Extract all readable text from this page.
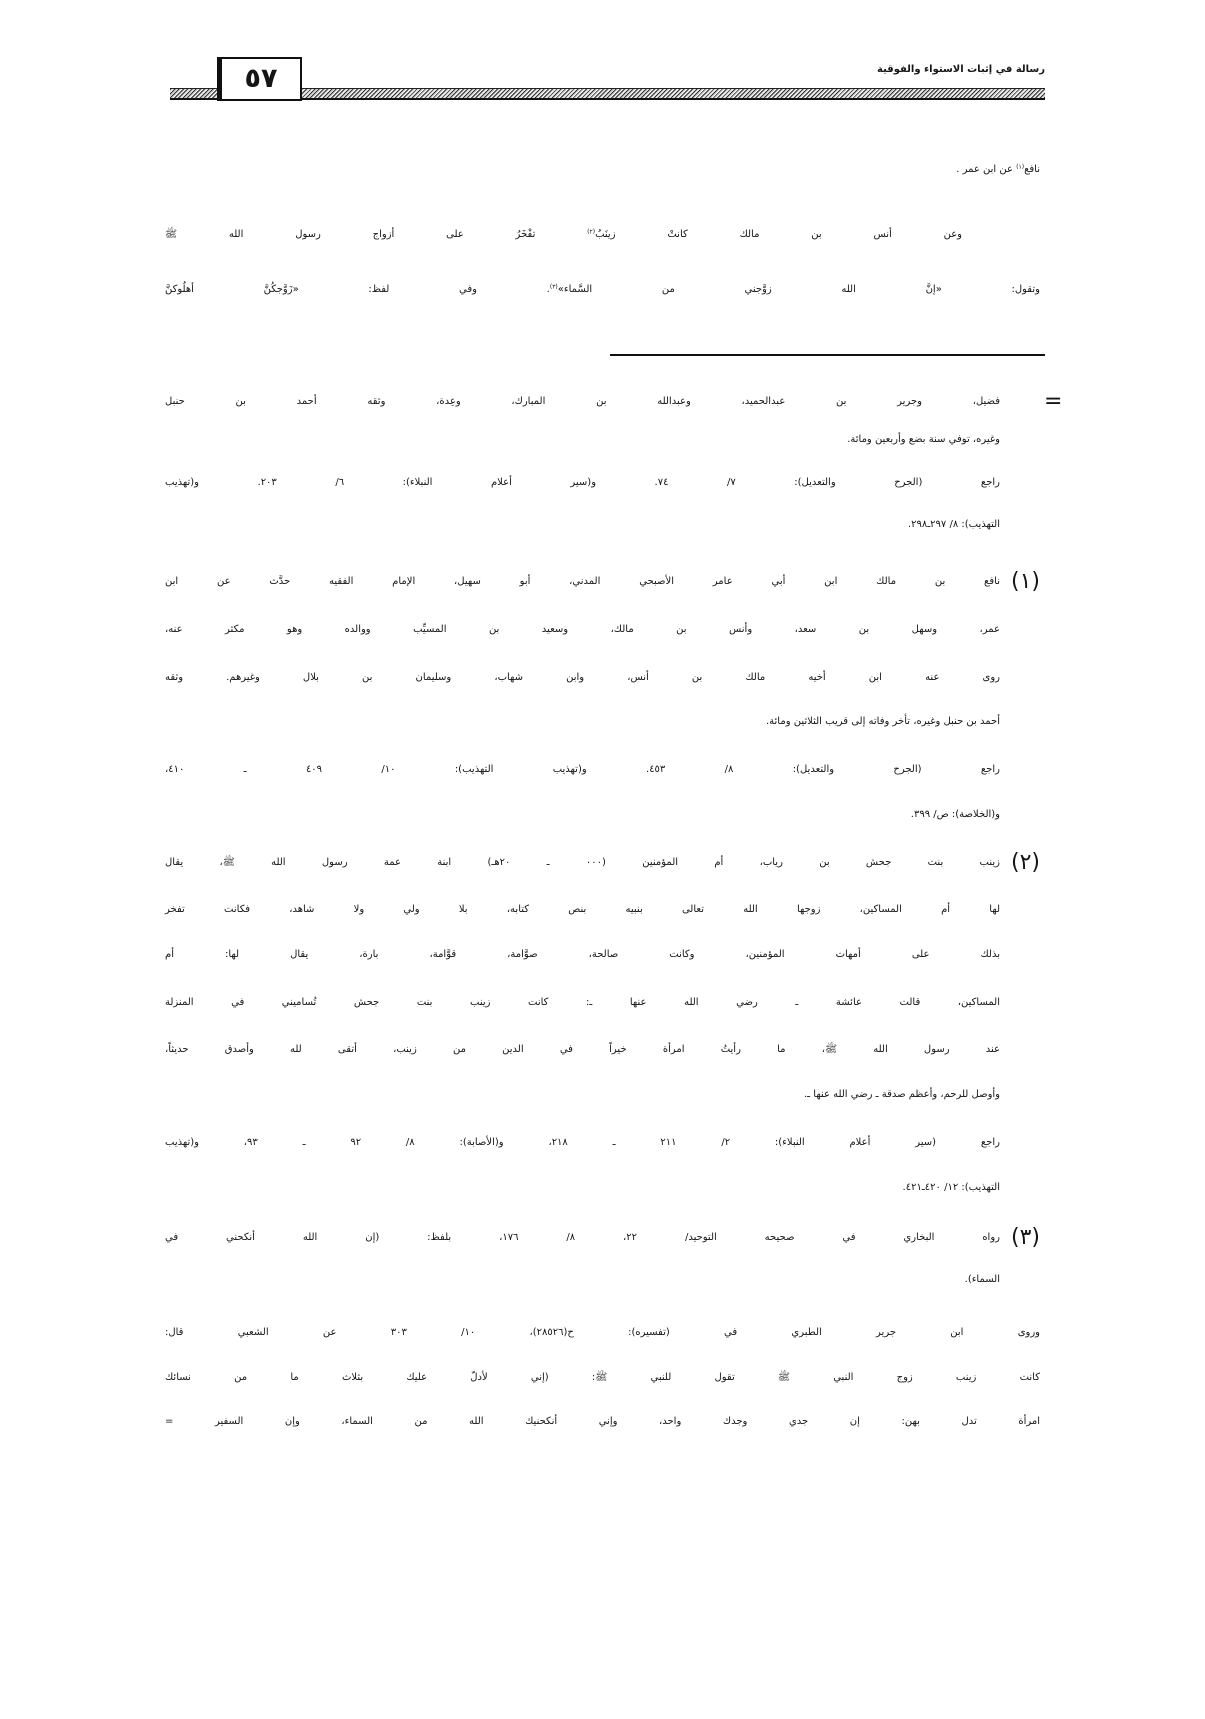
رسالة في إثبات الاستواء والفوقية
٥٧
نافع$^{(١)}$ عن ابن عمر .
وعن أنس بن مالك كانتْ زينَبُ$^{(٢)}$ تفْخَرُ على أزواج رسول الله ﷺ
وتقول: «إنَّ الله زوَّجني من السَّماء»$^{(٣)}$. وفي لفظ: «زَوَّجكُنَّ أهلُوكنَّ
=
فضيل، وجرير بن عبدالحميد، وعبدالله بن المبارك، وعِدة، وثقه أحمد بن حنبل
وغيره، توفي سنة بضع وأربعين ومائة.
راجع (الجرح والتعديل): ٧/ ٧٤. و(سير أعلام النبلاء): ٦/ ٢٠٣. و(تهذيب
التهذيب): ٨/ ٢٩٧ـ٢٩٨.
(١)
نافع بن مالك ابن أبي عامر الأصبحي المدني، أبو سهيل، الإمام الفقيه حدَّث عن ابن
عمر، وسهل بن سعد، وأنس بن مالك، وسعيد بن المسيِّب ووالده وهو مكثر عنه،
روى عنه ابن أخيه مالك بن أنس، وابن شهاب، وسليمان بن بلال وغيرهم. وثقه
أحمد بن حنبل وغيره، تأخر وفاته إلى قريب الثلاثين ومائة.
راجع (الجرح والتعديل): ٨/ ٤٥٣. و(تهذيب التهذيب): ١٠/ ٤٠٩ ـ ٤١٠،
و(الخلاصة): ص/ ٣٩٩.
(٢)
زينب بنت جحش بن رياب، أم المؤمنين (٠٠٠ ـ ٢٠هـ) ابنة عمة رسول الله ﷺ، يقال
لها أم المساكين، زوجها الله تعالى بنبيه بنص كتابه، بلا ولي ولا شاهد، فكانت تفخر
بذلك على أمهات المؤمنين، وكانت صالحة، صوَّامة، قوَّامة، بارة، يقال لها: أم
المساكين، قالت عائشة ـ رضي الله عنها ـ: كانت زينب بنت جحش تُساميني في المنزلة
عند رسول الله ﷺ، ما رأيتُ امرأة خيراً في الدين من زينب، أتقى لله وأصدق حديثاً،
وأوصل للرحم، وأعظم صدقة ـ رضي الله عنها ـ.
راجع (سير أعلام النبلاء): ٢/ ٢١١ ـ ٢١٨، و(الأصابة): ٨/ ٩٢ ـ ٩٣، و(تهذيب
التهذيب): ١٢/ ٤٢٠ـ٤٢١.
(٣)
رواه البخاري في صحيحه التوحيد/ ٢٢، ٨/ ١٧٦، بلفظ: (إن الله أنكحني في
السماء).
وروى ابن جرير الطبري في (تفسيره): ح(٢٨٥٢٦)، ١٠/ ٣٠٣ عن الشعبي قال:
كانت زينب زوج النبي ﷺ تقول للنبي ﷺ: (إني لأدلّ عليك بثلاث ما من نسائك
امرأة تدل بهن: إن جدي وجدك واحد، وإني أنكحنيك الله من السماء، وإن السفير =
